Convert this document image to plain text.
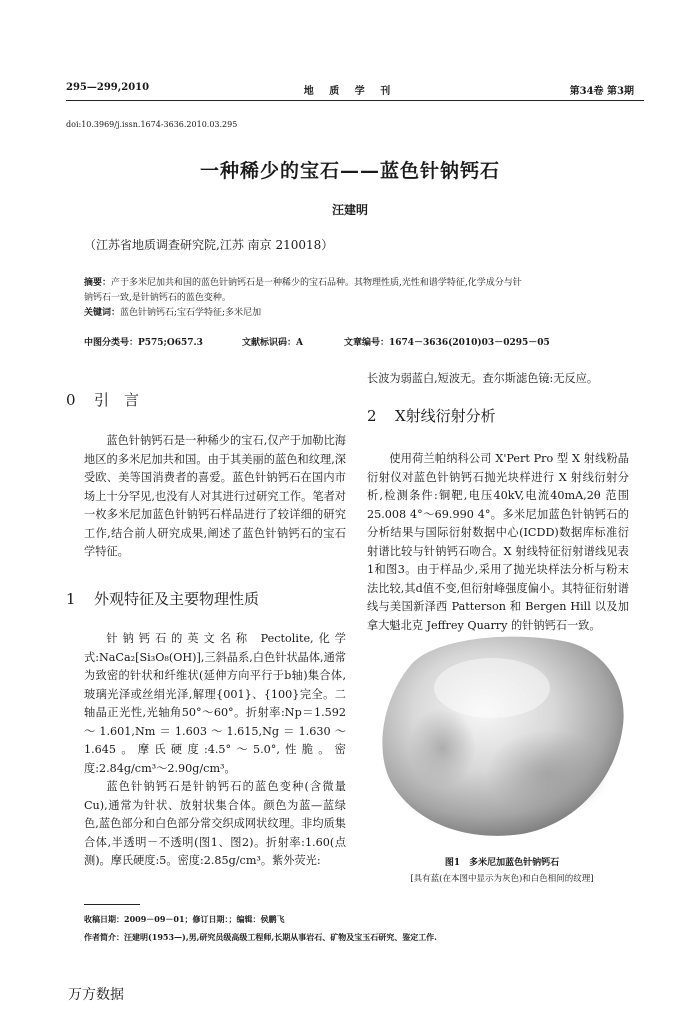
295—299,2010	地 质 学 刊	第34卷 第3期
doi:10.3969/j.issn.1674-3636.2010.03.295
一种稀少的宝石——蓝色针钠钙石
汪建明
（江苏省地质调查研究院,江苏 南京 210018）
摘要：产于多米尼加共和国的蓝色针钠钙石是一种稀少的宝石品种。其物理性质,光性和谱学特征,化学成分与针
钠钙石一致,是针钠钙石的蓝色变种。
关键词：蓝色针钠钙石;宝石学特征;多米尼加
中图分类号：P575;O657.3	文献标识码：A	文章编号：1674－3636(2010)03－0295－05
0 引　言

蓝色针钠钙石是一种稀少的宝石,仅产于加勒比海地区的多米尼加共和国。由于其美丽的蓝色和纹理,深受欧、美等国消费者的喜爱。蓝色针钠钙石在国内市场上十分罕见,也没有人对其进行过研究工作。笔者对一枚多米尼加蓝色针钠钙石样品进行了较详细的研究工作,结合前人研究成果,阐述了蓝色针钠钙石的宝石学特征。

1 外观特征及主要物理性质

针钠钙石的英文名称 Pectolite,化学式:NaCa₂[Si₃O₈(OH)],三斜晶系,白色针状晶体,通常为致密的针状和纤维状(延伸方向平行于b轴)集合体,玻璃光泽或丝绢光泽,解理{001}、{100}完全。二轴晶正光性,光轴角50°～60°。折射率:Np＝1.592～1.601,Nm＝1.603～1.615,Ng＝1.630～1.645。摩氏硬度:4.5°～5.0°,性脆。密度:2.84g/cm³～2.90g/cm³。

蓝色针钠钙石是针钠钙石的蓝色变种(含微量Cu),通常为针状、放射状集合体。颜色为蓝—蓝绿色,蓝色部分和白色部分常交织成网状纹理。非均质集合体,半透明－不透明(图1、图2)。折射率:1.60(点测)。摩氏硬度:5。密度:2.85g/cm³。紫外荧光:

长波为弱蓝白,短波无。查尔斯滤色镜:无反应。

2 X射线衍射分析

使用荷兰帕纳科公司 X'Pert Pro 型 X 射线粉晶衍射仪对蓝色针钠钙石抛光块样进行 X 射线衍射分析,检测条件:铜靶,电压40kV,电流40mA,2θ 范围25.008 4°～69.990 4°。多米尼加蓝色针钠钙石的分析结果与国际衍射数据中心(ICDD)数据库标准衍射谱比较与针钠钙石吻合。X 射线特征衍射谱线见表1和图3。由于样品少,采用了抛光块样法分析与粉末法比较,其d值不变,但衍射峰强度偏小。其特征衍射谱线与美国新泽西 Patterson 和 Bergen Hill 以及加拿大魁北克 Jeffrey Quarry 的针钠钙石一致。

图1　多米尼加蓝色针钠钙石
[具有蓝(在本图中显示为灰色)和白色相间的纹理]
收稿日期：2009－09－01；修订日期：；编辑：侯鹏飞
作者简介：汪建明(1953—),男,研究员级高级工程师,长期从事岩石、矿物及宝玉石研究、鉴定工作.
万方数据
